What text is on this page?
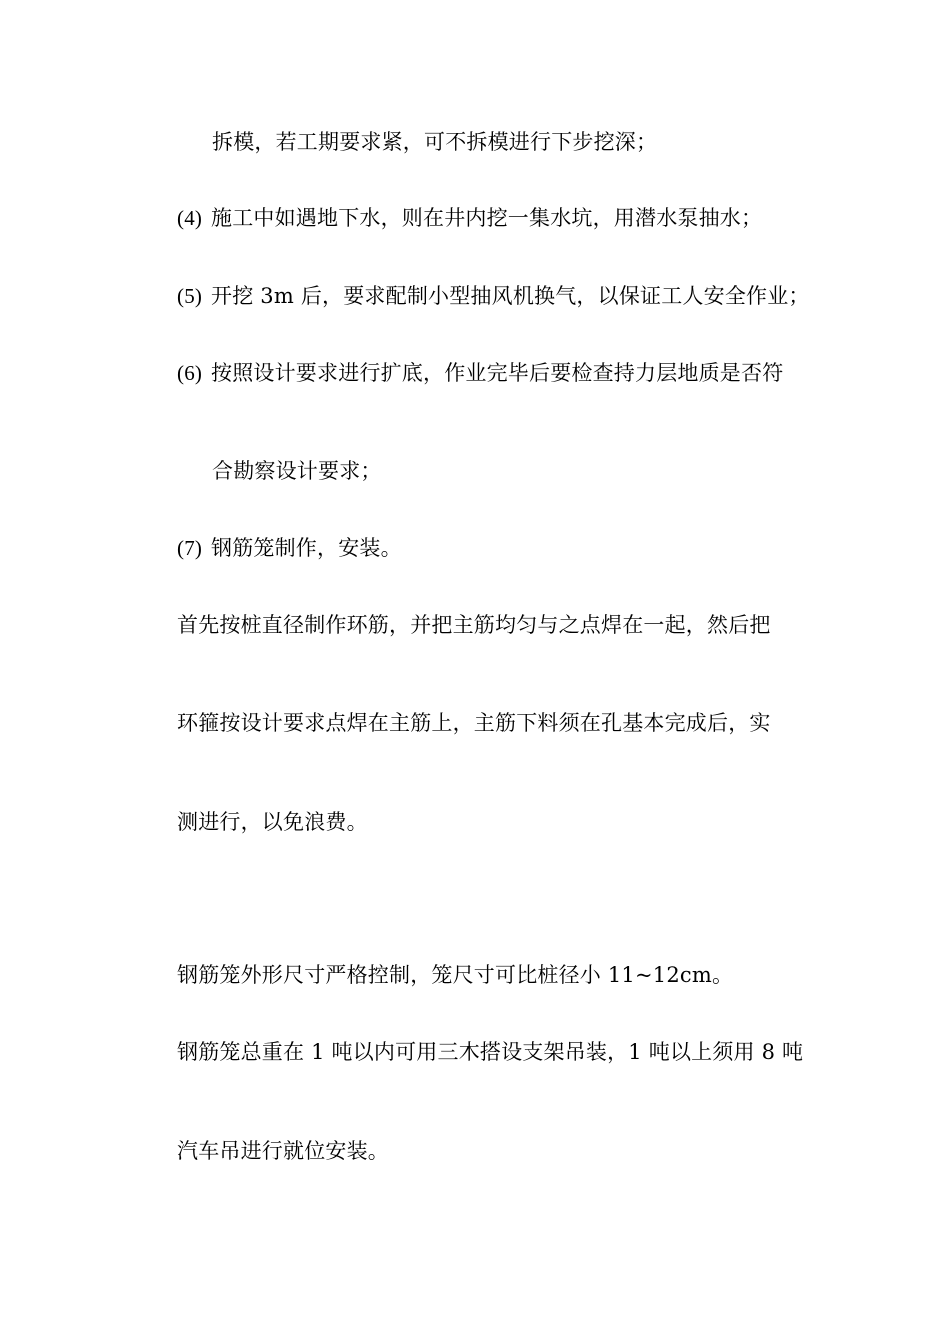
拆模，若工期要求紧，可不拆模进行下步挖深；
(4) 施工中如遇地下水，则在井内挖一集水坑，用潜水泵抽水；
(5) 开挖 3m 后，要求配制小型抽风机换气，以保证工人安全作业；
(6) 按照设计要求进行扩底，作业完毕后要检查持力层地质是否符
合勘察设计要求；
(7) 钢筋笼制作，安装。
首先按桩直径制作环筋，并把主筋均匀与之点焊在一起，然后把
环箍按设计要求点焊在主筋上，主筋下料须在孔基本完成后，实
测进行，以免浪费。
钢筋笼外形尺寸严格控制，笼尺寸可比桩径小 11~12cm。
钢筋笼总重在 1 吨以内可用三木搭设支架吊装，1 吨以上须用 8 吨
汽车吊进行就位安装。
